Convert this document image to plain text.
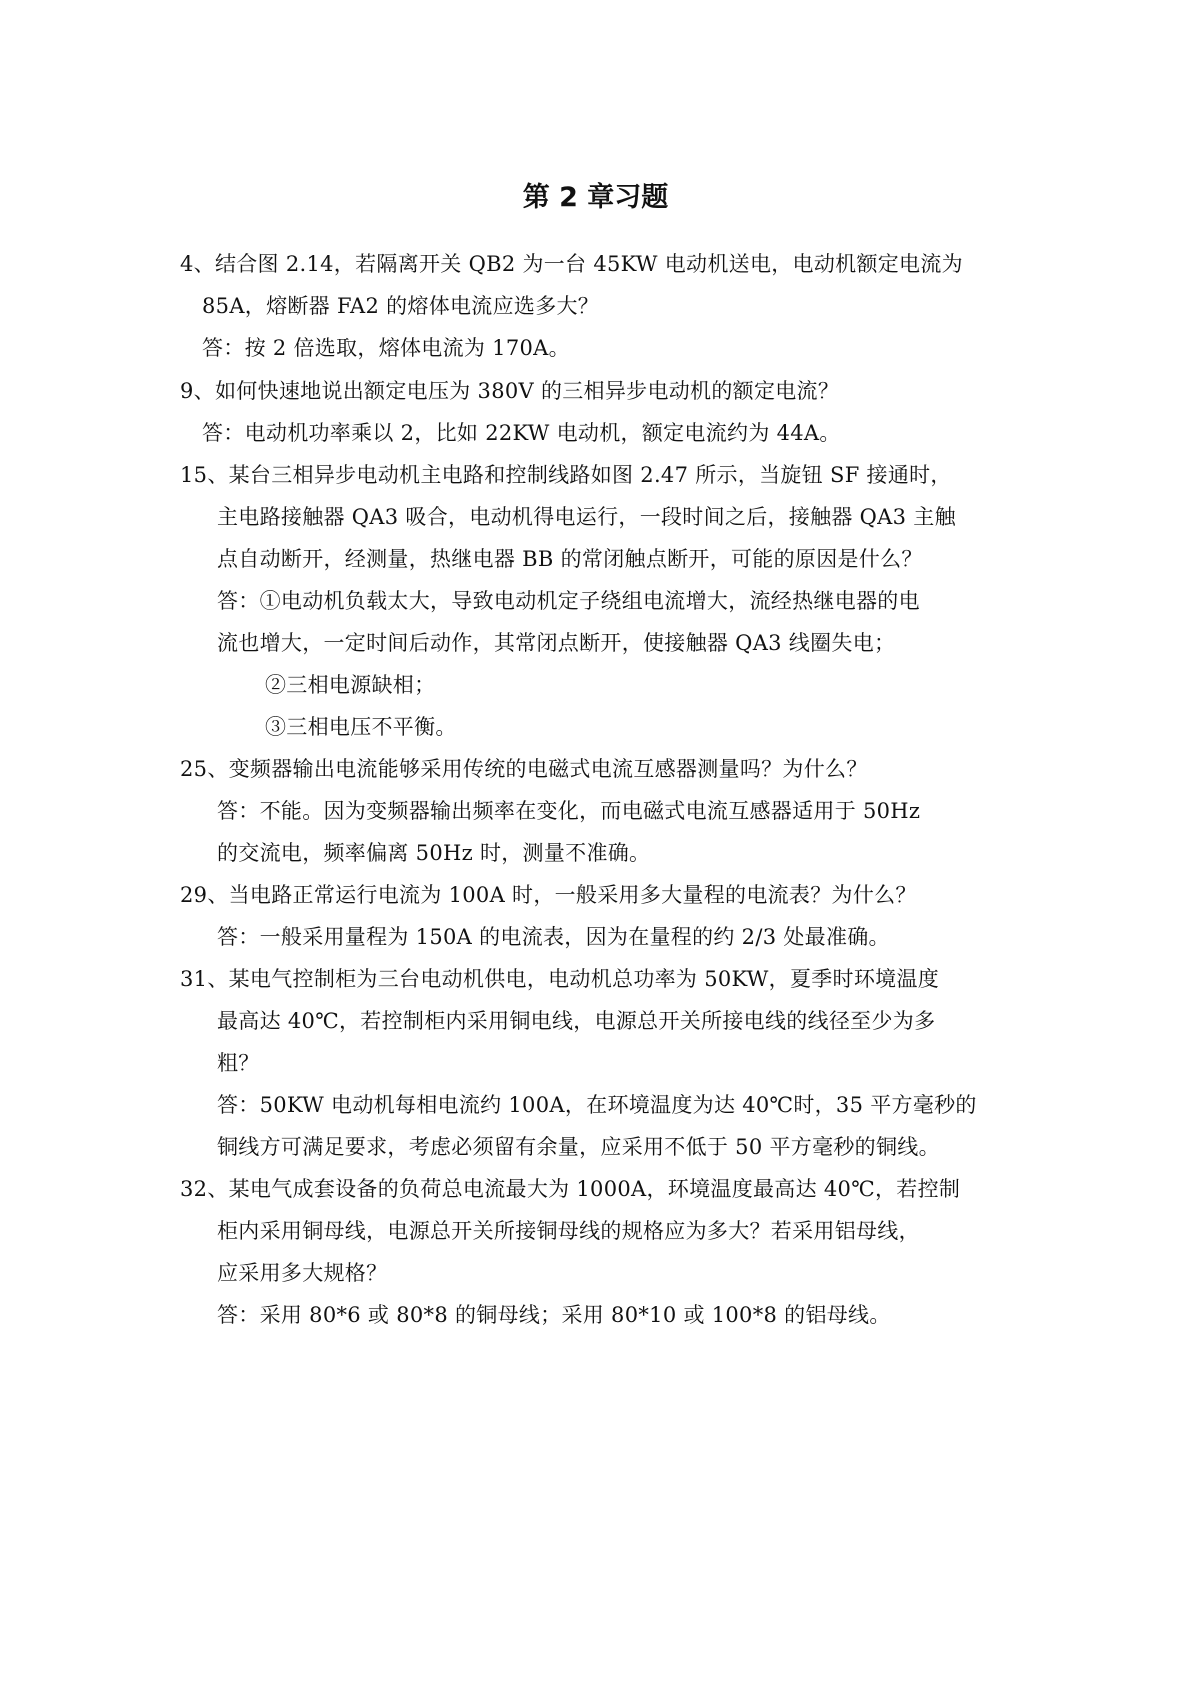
第 2 章习题
4、结合图 2.14，若隔离开关 QB2 为一台 45KW 电动机送电，电动机额定电流为
85A，熔断器 FA2 的熔体电流应选多大？
答：按 2 倍选取，熔体电流为 170A。
9、如何快速地说出额定电压为 380V 的三相异步电动机的额定电流？
答：电动机功率乘以 2，比如 22KW 电动机，额定电流约为 44A。
15、某台三相异步电动机主电路和控制线路如图 2.47 所示，当旋钮 SF 接通时，
主电路接触器 QA3 吸合，电动机得电运行，一段时间之后，接触器 QA3 主触
点自动断开，经测量，热继电器 BB 的常闭触点断开，可能的原因是什么？
答：①电动机负载太大，导致电动机定子绕组电流增大，流经热继电器的电
流也增大，一定时间后动作，其常闭点断开，使接触器 QA3 线圈失电；
②三相电源缺相；
③三相电压不平衡。
25、变频器输出电流能够采用传统的电磁式电流互感器测量吗？为什么？
答：不能。因为变频器输出频率在变化，而电磁式电流互感器适用于 50Hz
的交流电，频率偏离 50Hz 时，测量不准确。
29、当电路正常运行电流为 100A 时，一般采用多大量程的电流表？为什么？
答：一般采用量程为 150A 的电流表，因为在量程的约 2/3 处最准确。
31、某电气控制柜为三台电动机供电，电动机总功率为 50KW，夏季时环境温度
最高达 40℃，若控制柜内采用铜电线，电源总开关所接电线的线径至少为多
粗？
答：50KW 电动机每相电流约 100A，在环境温度为达 40℃时，35 平方毫秒的
铜线方可满足要求，考虑必须留有余量，应采用不低于 50 平方毫秒的铜线。
32、某电气成套设备的负荷总电流最大为 1000A，环境温度最高达 40℃，若控制
柜内采用铜母线，电源总开关所接铜母线的规格应为多大？若采用铝母线，
应采用多大规格？
答：采用 80*6 或 80*8 的铜母线；采用 80*10 或 100*8 的铝母线。
